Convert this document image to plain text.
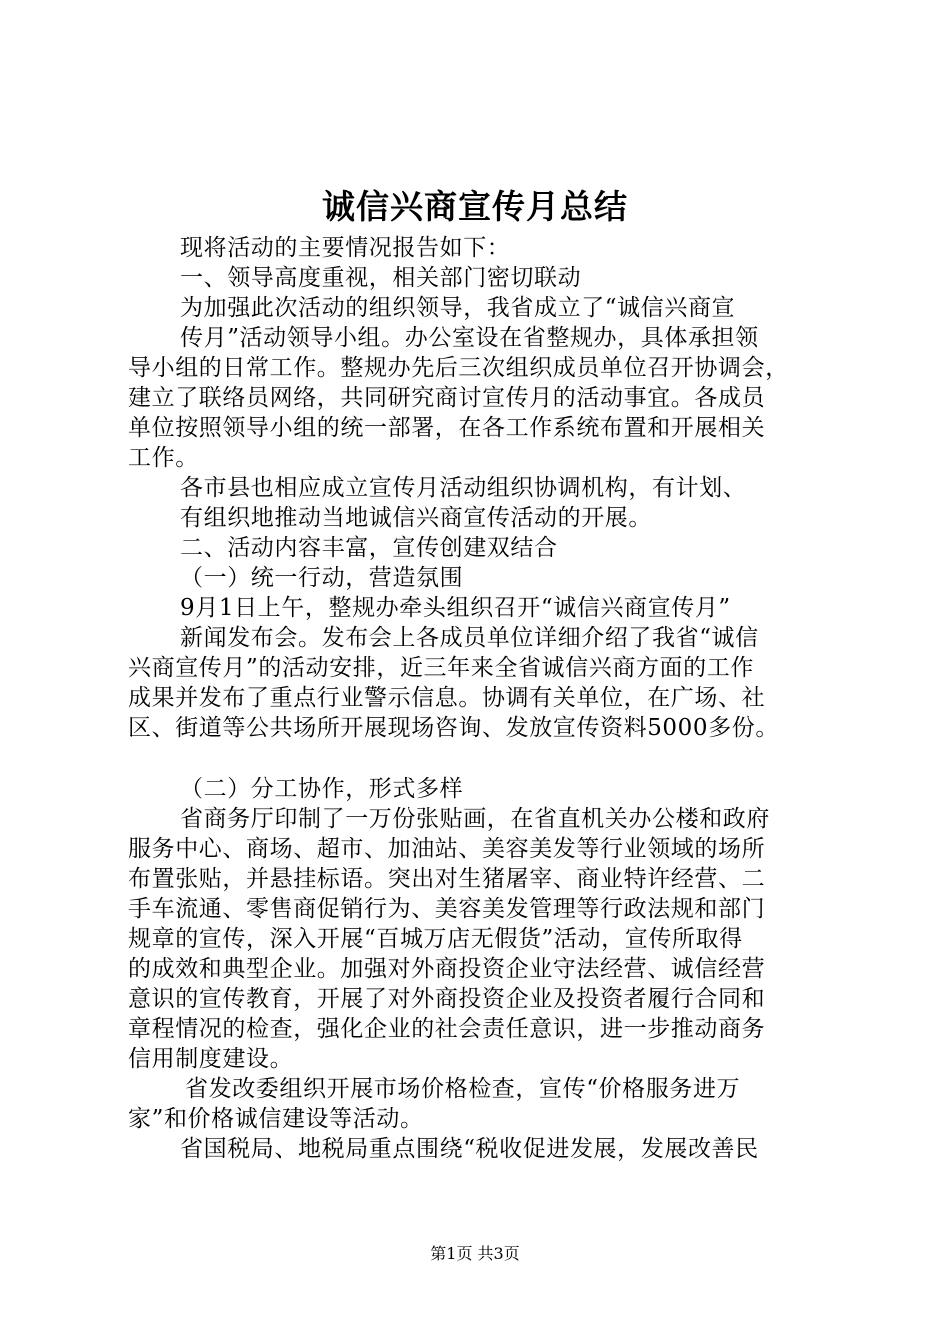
诚信兴商宣传月总结
现将活动的主要情况报告如下：
一、领导高度重视，相关部门密切联动
为加强此次活动的组织领导，我省成立了“诚信兴商宣
传月”活动领导小组。办公室设在省整规办，具体承担领
导小组的日常工作。整规办先后三次组织成员单位召开协调会，
建立了联络员网络，共同研究商讨宣传月的活动事宜。各成员
单位按照领导小组的统一部署，在各工作系统布置和开展相关
工作。
各市县也相应成立宣传月活动组织协调机构，有计划、
有组织地推动当地诚信兴商宣传活动的开展。
二、活动内容丰富，宣传创建双结合
（一）统一行动，营造氛围
9月1日上午，整规办牵头组织召开“诚信兴商宣传月”
新闻发布会。发布会上各成员单位详细介绍了我省“诚信
兴商宣传月”的活动安排，近三年来全省诚信兴商方面的工作
成果并发布了重点行业警示信息。协调有关单位，在广场、社
区、街道等公共场所开展现场咨询、发放宣传资料5000多份。
（二）分工协作，形式多样
省商务厅印制了一万份张贴画，在省直机关办公楼和政府
服务中心、商场、超市、加油站、美容美发等行业领域的场所
布置张贴，并悬挂标语。突出对生猪屠宰、商业特许经营、二
手车流通、零售商促销行为、美容美发管理等行政法规和部门
规章的宣传，深入开展“百城万店无假货”活动，宣传所取得
的成效和典型企业。加强对外商投资企业守法经营、诚信经营
意识的宣传教育，开展了对外商投资企业及投资者履行合同和
章程情况的检查，强化企业的社会责任意识，进一步推动商务
信用制度建设。
省发改委组织开展市场价格检查，宣传“价格服务进万
家”和价格诚信建设等活动。
省国税局、地税局重点围绕“税收促进发展，发展改善民
第1页 共3页
